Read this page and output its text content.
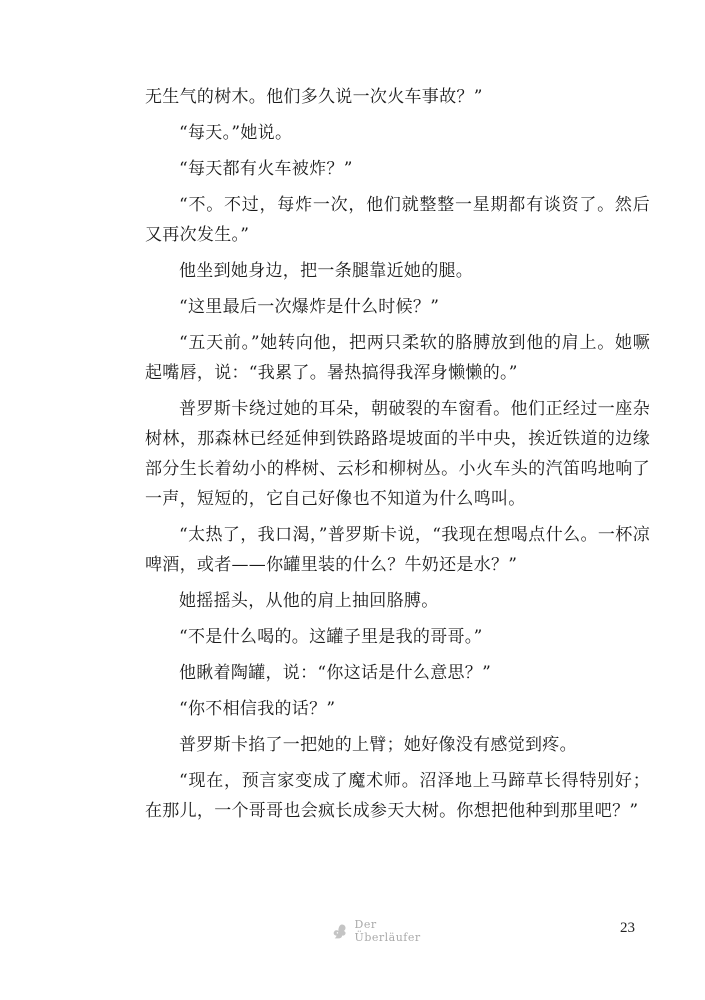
无生气的树木。他们多久说一次火车事故？”

“每天。”她说。

“每天都有火车被炸？”

“不。不过，每炸一次，他们就整整一星期都有谈资了。然后又再次发生。”

他坐到她身边，把一条腿靠近她的腿。

“这里最后一次爆炸是什么时候？”

“五天前。”她转向他，把两只柔软的胳膊放到他的肩上。她噘起嘴唇，说：“我累了。暑热搞得我浑身懒懒的。”

普罗斯卡绕过她的耳朵，朝破裂的车窗看。他们正经过一座杂树林，那森林已经延伸到铁路路堤坡面的半中央，挨近铁道的边缘部分生长着幼小的桦树、云杉和柳树丛。小火车头的汽笛呜地响了一声，短短的，它自己好像也不知道为什么鸣叫。

“太热了，我口渴，”普罗斯卡说，“我现在想喝点什么。一杯凉啤酒，或者——你罐里装的什么？牛奶还是水？”

她摇摇头，从他的肩上抽回胳膊。

“不是什么喝的。这罐子里是我的哥哥。”

他瞅着陶罐，说：“你这话是什么意思？”

“你不相信我的话？”

普罗斯卡掐了一把她的上臂；她好像没有感觉到疼。

“现在，预言家变成了魔术师。沼泽地上马蹄草长得特别好；在那儿，一个哥哥也会疯长成参天大树。你想把他种到那里吧？”

Der Überläufer
23
